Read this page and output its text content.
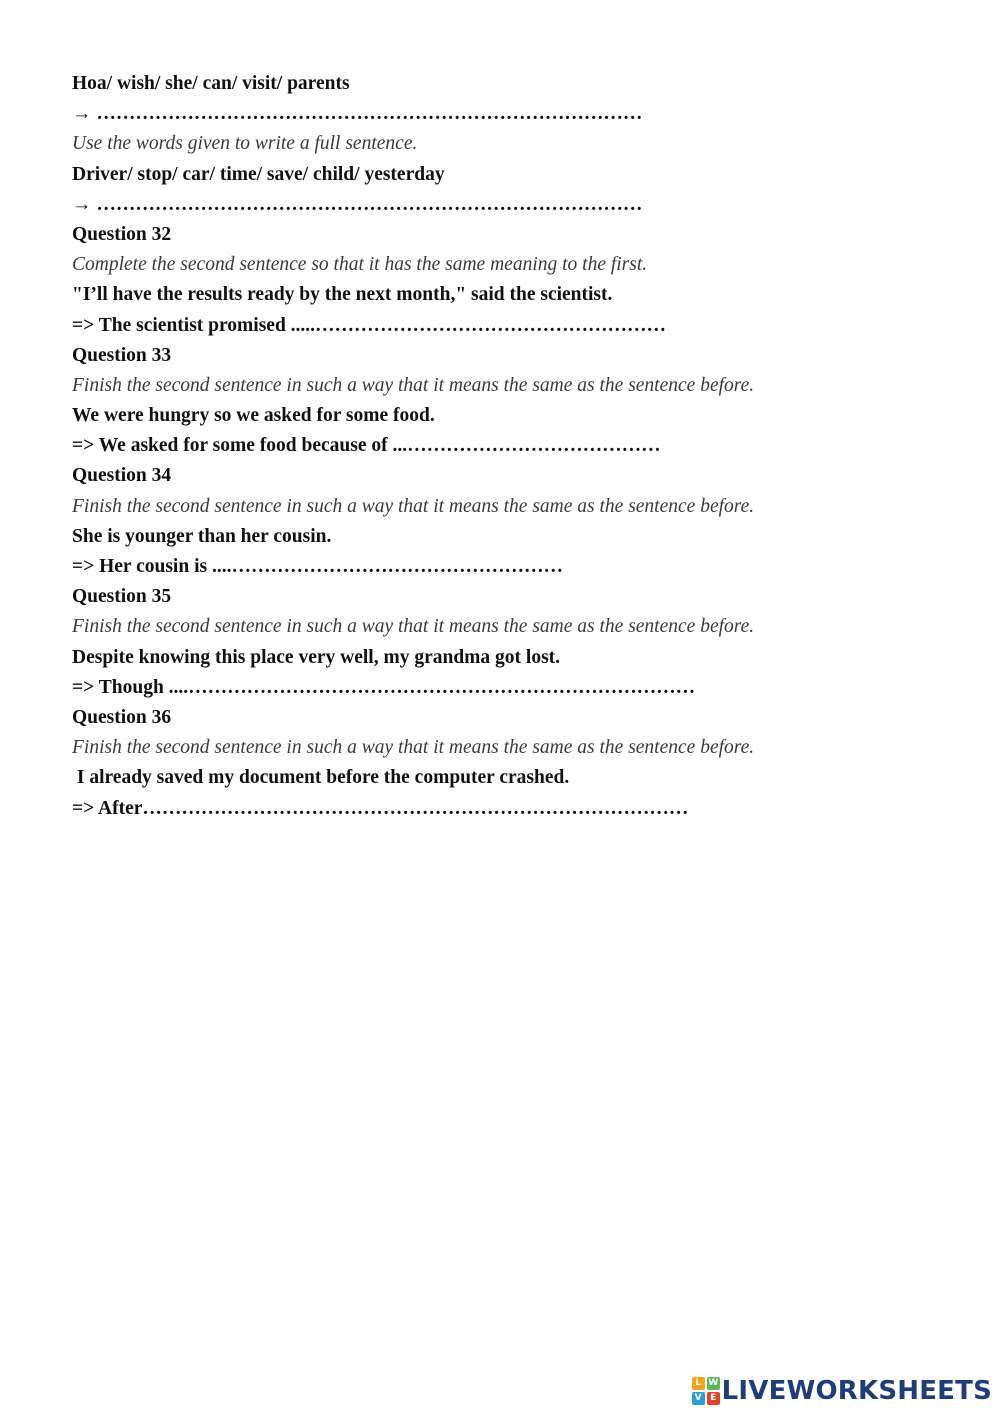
Hoa/ wish/ she/ can/ visit/ parents
→ …………………………………………………………………………
Use the words given to write a full sentence.
Driver/ stop/ car/ time/ save/ child/ yesterday
→ …………………………………………………………………………
Question 32
Complete the second sentence so that it has the same meaning to the first.
"I’ll have the results ready by the next month," said the scientist.
=> The scientist promised .....………………………………………………
Question 33
Finish the second sentence in such a way that it means the same as the sentence before.
We were hungry so we asked for some food.
=> We asked for some food because of ...…………………………………
Question 34
Finish the second sentence in such a way that it means the same as the sentence before.
She is younger than her cousin.
=> Her cousin is ....……………………………………………
Question 35
Finish the second sentence in such a way that it means the same as the sentence before.
Despite knowing this place very well, my grandma got lost.
=> Though ....……………………………………………………………………
Question 36
Finish the second sentence in such a way that it means the same as the sentence before.
I already saved my document before the computer crashed.
=> After…………………………………………………………………………
L W
V E LIVEWORKSHEETS
